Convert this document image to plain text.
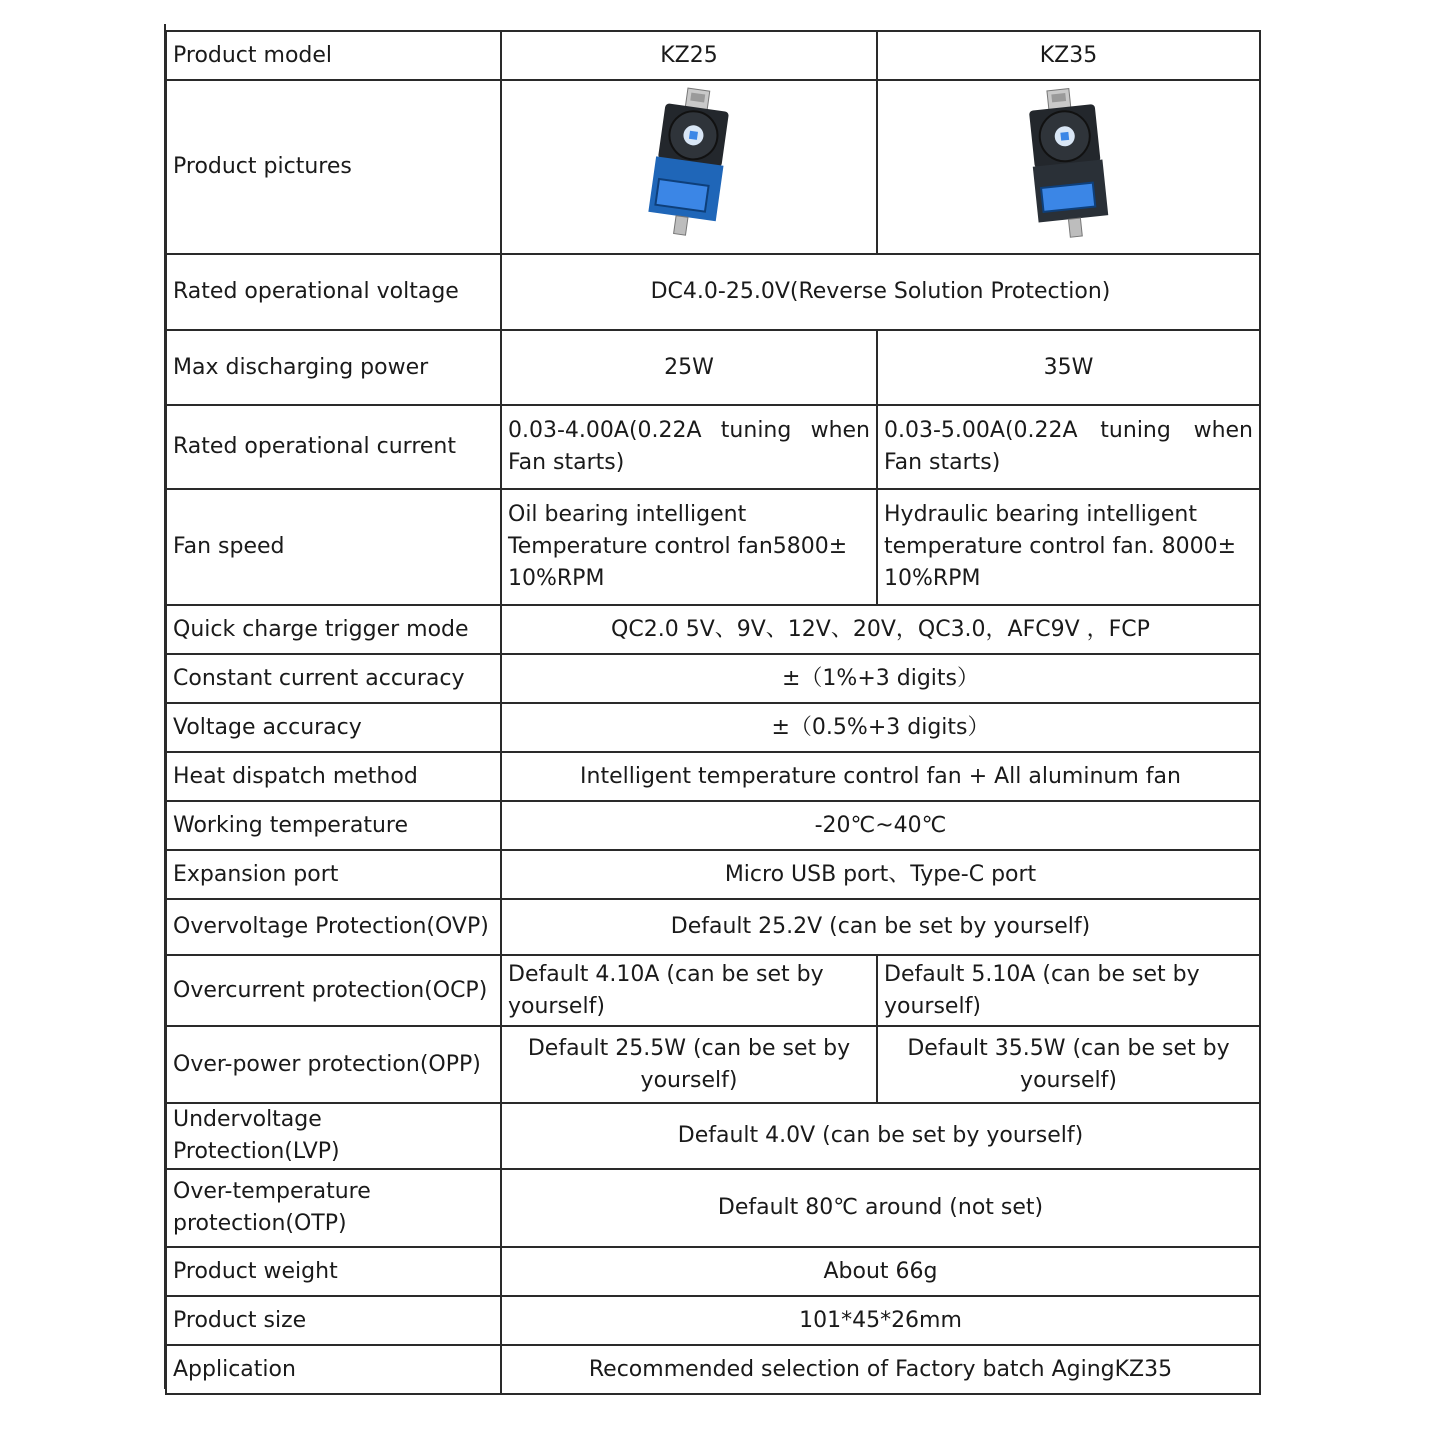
Product model	KZ25	KZ35
Product pictures	

Rated operational voltage	DC4.0-25.0V(Reverse Solution Protection)	
Max discharging power	25W	35W
Rated operational current	0.03-4.00A(0.22A tuning when Fan starts)	0.03-5.00A(0.22A tuning when Fan starts)
Fan speed	Oil bearing intelligent Temperature control fan5800± 10%RPM	Hydraulic bearing intelligent temperature control fan. 8000± 10%RPM
Quick charge trigger mode	QC2.0 5V、9V、12V、20V，QC3.0，AFC9V ，FCP	
Constant current accuracy	±（1%+3 digits）	
Voltage accuracy	±（0.5%+3 digits）	
Heat dispatch method	Intelligent temperature control fan + All aluminum fan	
Working temperature	-20℃~40℃	
Expansion port	Micro USB port、Type-C port	
Overvoltage Protection(OVP)	Default 25.2V (can be set by yourself)	
Overcurrent protection(OCP)	Default 4.10A (can be set by yourself)	Default 5.10A (can be set by yourself)
Over-power protection(OPP)	Default 25.5W (can be set by yourself)	Default 35.5W (can be set by yourself)
Undervoltage Protection(LVP)	Default 4.0V (can be set by yourself)	
Over-temperature protection(OTP)	Default 80℃ around (not set)	
Product weight	About 66g	
Product size	101*45*26mm	
Application	Recommended selection of Factory batch AgingKZ35	
